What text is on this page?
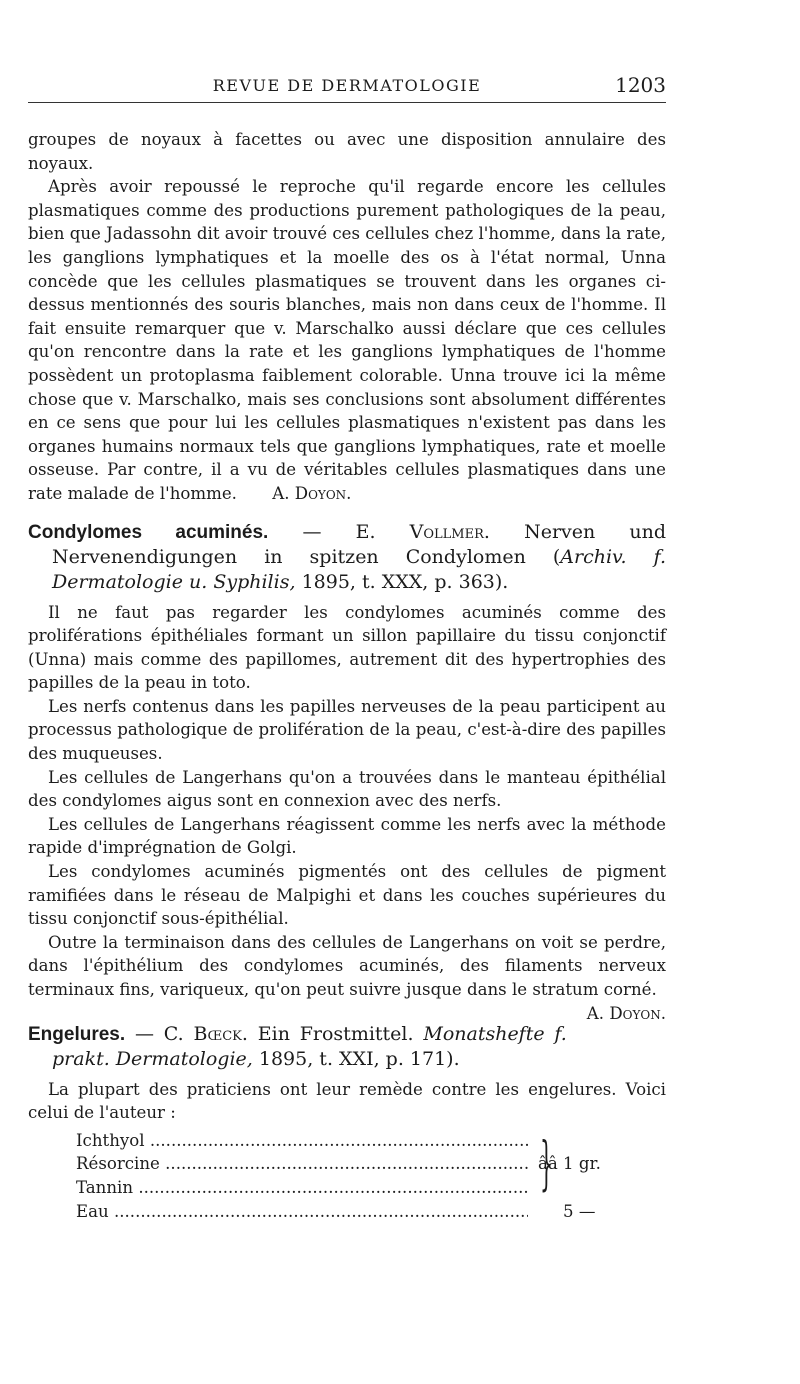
REVUE DE DERMATOLOGIE	1203

groupes de noyaux à facettes ou avec une disposition annulaire des noyaux.

Après avoir repoussé le reproche qu'il regarde encore les cellules plasmatiques comme des productions purement pathologiques de la peau, bien que Jadassohn dit avoir trouvé ces cellules chez l'homme, dans la rate, les ganglions lymphatiques et la moelle des os à l'état normal, Unna concède que les cellules plasmatiques se trouvent dans les organes ci-dessus mentionnés des souris blanches, mais non dans ceux de l'homme. Il fait ensuite remarquer que v. Marschalko aussi déclare que ces cellules qu'on rencontre dans la rate et les ganglions lymphatiques de l'homme possèdent un protoplasma faiblement colorable. Unna trouve ici la même chose que v. Marschalko, mais ses conclusions sont absolument différentes en ce sens que pour lui les cellules plasmatiques n'existent pas dans les organes humains normaux tels que ganglions lymphatiques, rate et moelle osseuse. Par contre, il a vu de véritables cellules plasmatiques dans une rate malade de l'homme. A. Doyon.

Condylomes acuminés. — E. Vollmer. Nerven und Nervenendigungen in spitzen Condylomen (Archiv. f. Dermatologie u. Syphilis, 1895, t. XXX, p. 363).

Il ne faut pas regarder les condylomes acuminés comme des proliférations épithéliales formant un sillon papillaire du tissu conjonctif (Unna) mais comme des papillomes, autrement dit des hypertrophies des papilles de la peau in toto.

Les nerfs contenus dans les papilles nerveuses de la peau participent au processus pathologique de prolifération de la peau, c'est-à-dire des papilles des muqueuses.

Les cellules de Langerhans qu'on a trouvées dans le manteau épithélial des condylomes aigus sont en connexion avec des nerfs.

Les cellules de Langerhans réagissent comme les nerfs avec la méthode rapide d'imprégnation de Golgi.

Les condylomes acuminés pigmentés ont des cellules de pigment ramifiées dans le réseau de Malpighi et dans les couches supérieures du tissu conjonctif sous-épithélial.

Outre la terminaison dans des cellules de Langerhans on voit se perdre, dans l'épithélium des condylomes acuminés, des filaments nerveux terminaux fins, variqueux, qu'on peut suivre jusque dans le stratum corné.
A. Doyon.

Engelures. — C. Bœck. Ein Frostmittel. Monatshefte f. prakt. Dermatologie, 1895, t. XXI, p. 171).

La plupart des praticiens ont leur remède contre les engelures. Voici celui de l'auteur :

Ichthyol .....
Résorcine .....
Tannin .....
Eau .....
}
ââ 1 gr.
5 —
